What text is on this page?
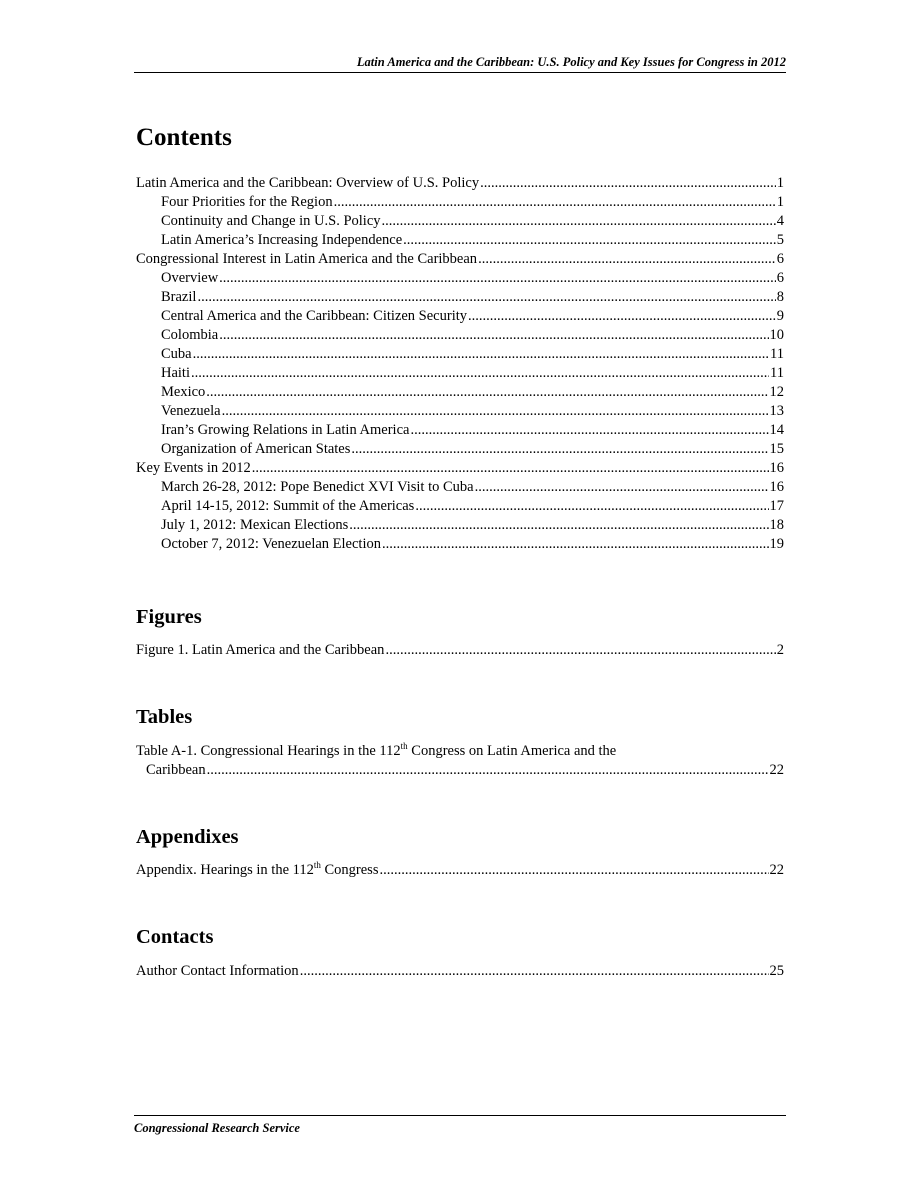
Latin America and the Caribbean: U.S. Policy and Key Issues for Congress in 2012
Contents
Latin America and the Caribbean: Overview of U.S. Policy .....	1
Four Priorities for the Region .....	1
Continuity and Change in U.S. Policy .....	4
Latin America’s Increasing Independence .....	5
Congressional Interest in Latin America and the Caribbean .....	6
Overview .....	6
Brazil .....	8
Central America and the Caribbean: Citizen Security .....	9
Colombia .....	10
Cuba .....	11
Haiti .....	11
Mexico .....	12
Venezuela .....	13
Iran’s Growing Relations in Latin America .....	14
Organization of American States .....	15
Key Events in 2012 .....	16
March 26-28, 2012: Pope Benedict XVI Visit to Cuba .....	16
April 14-15, 2012: Summit of the Americas .....	17
July 1, 2012: Mexican Elections .....	18
October 7, 2012: Venezuelan Election .....	19
Figures
Figure 1. Latin America and the Caribbean .....	2
Tables
Table A-1. Congressional Hearings in the 112th Congress on Latin America and the
Caribbean .....	22
Appendixes
Appendix. Hearings in the 112th Congress .....	22
Contacts
Author Contact Information .....	25
Congressional Research Service
